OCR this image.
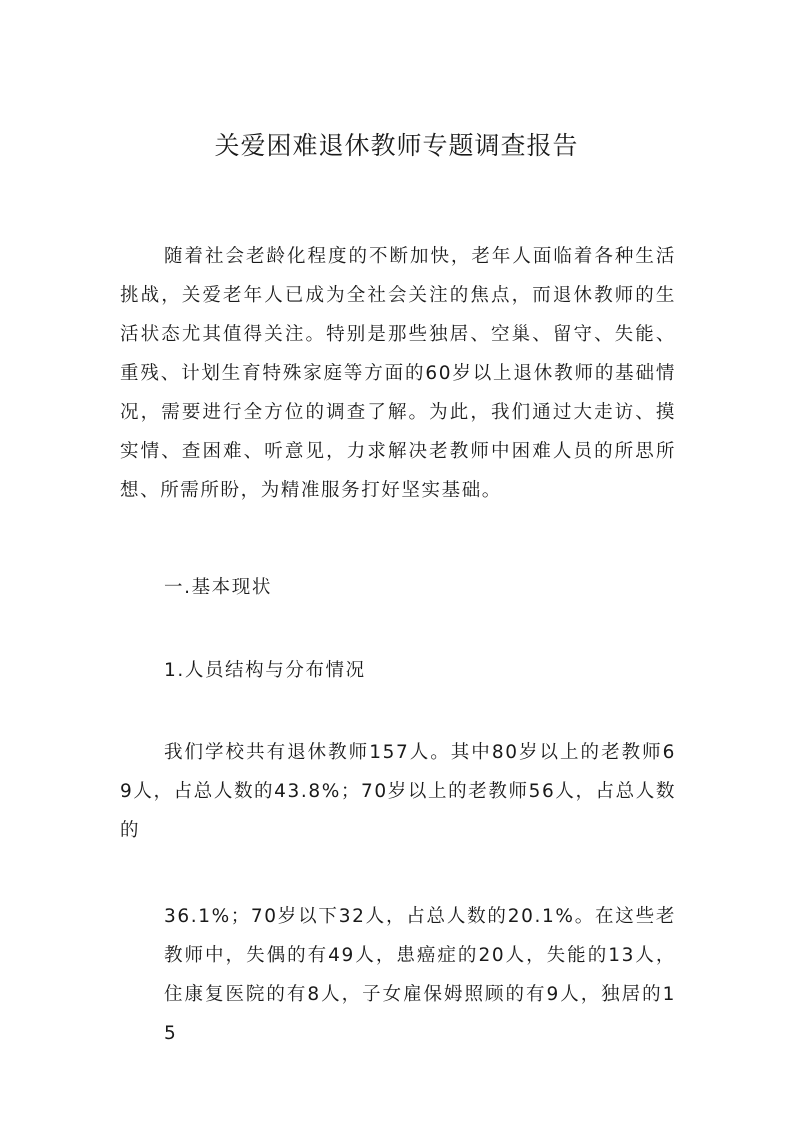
关爱困难退休教师专题调查报告

随着社会老龄化程度的不断加快，老年人面临着各种生活挑战，关爱老年人已成为全社会关注的焦点，而退休教师的生活状态尤其值得关注。特别是那些独居、空巢、留守、失能、重残、计划生育特殊家庭等方面的60岁以上退休教师的基础情况，需要进行全方位的调查了解。为此，我们通过大走访、摸实情、查困难、听意见，力求解决老教师中困难人员的所思所想、所需所盼，为精准服务打好坚实基础。

一.基本现状
1.人员结构与分布情况

我们学校共有退休教师157人。其中80岁以上的老教师69人，占总人数的43.8%；70岁以上的老教师56人，占总人数的

36.1%；70岁以下32人，占总人数的20.1%。在这些老教师中，失偶的有49人，患癌症的20人，失能的13人，住康复医院的有8人，子女雇保姆照顾的有9人，独居的15
